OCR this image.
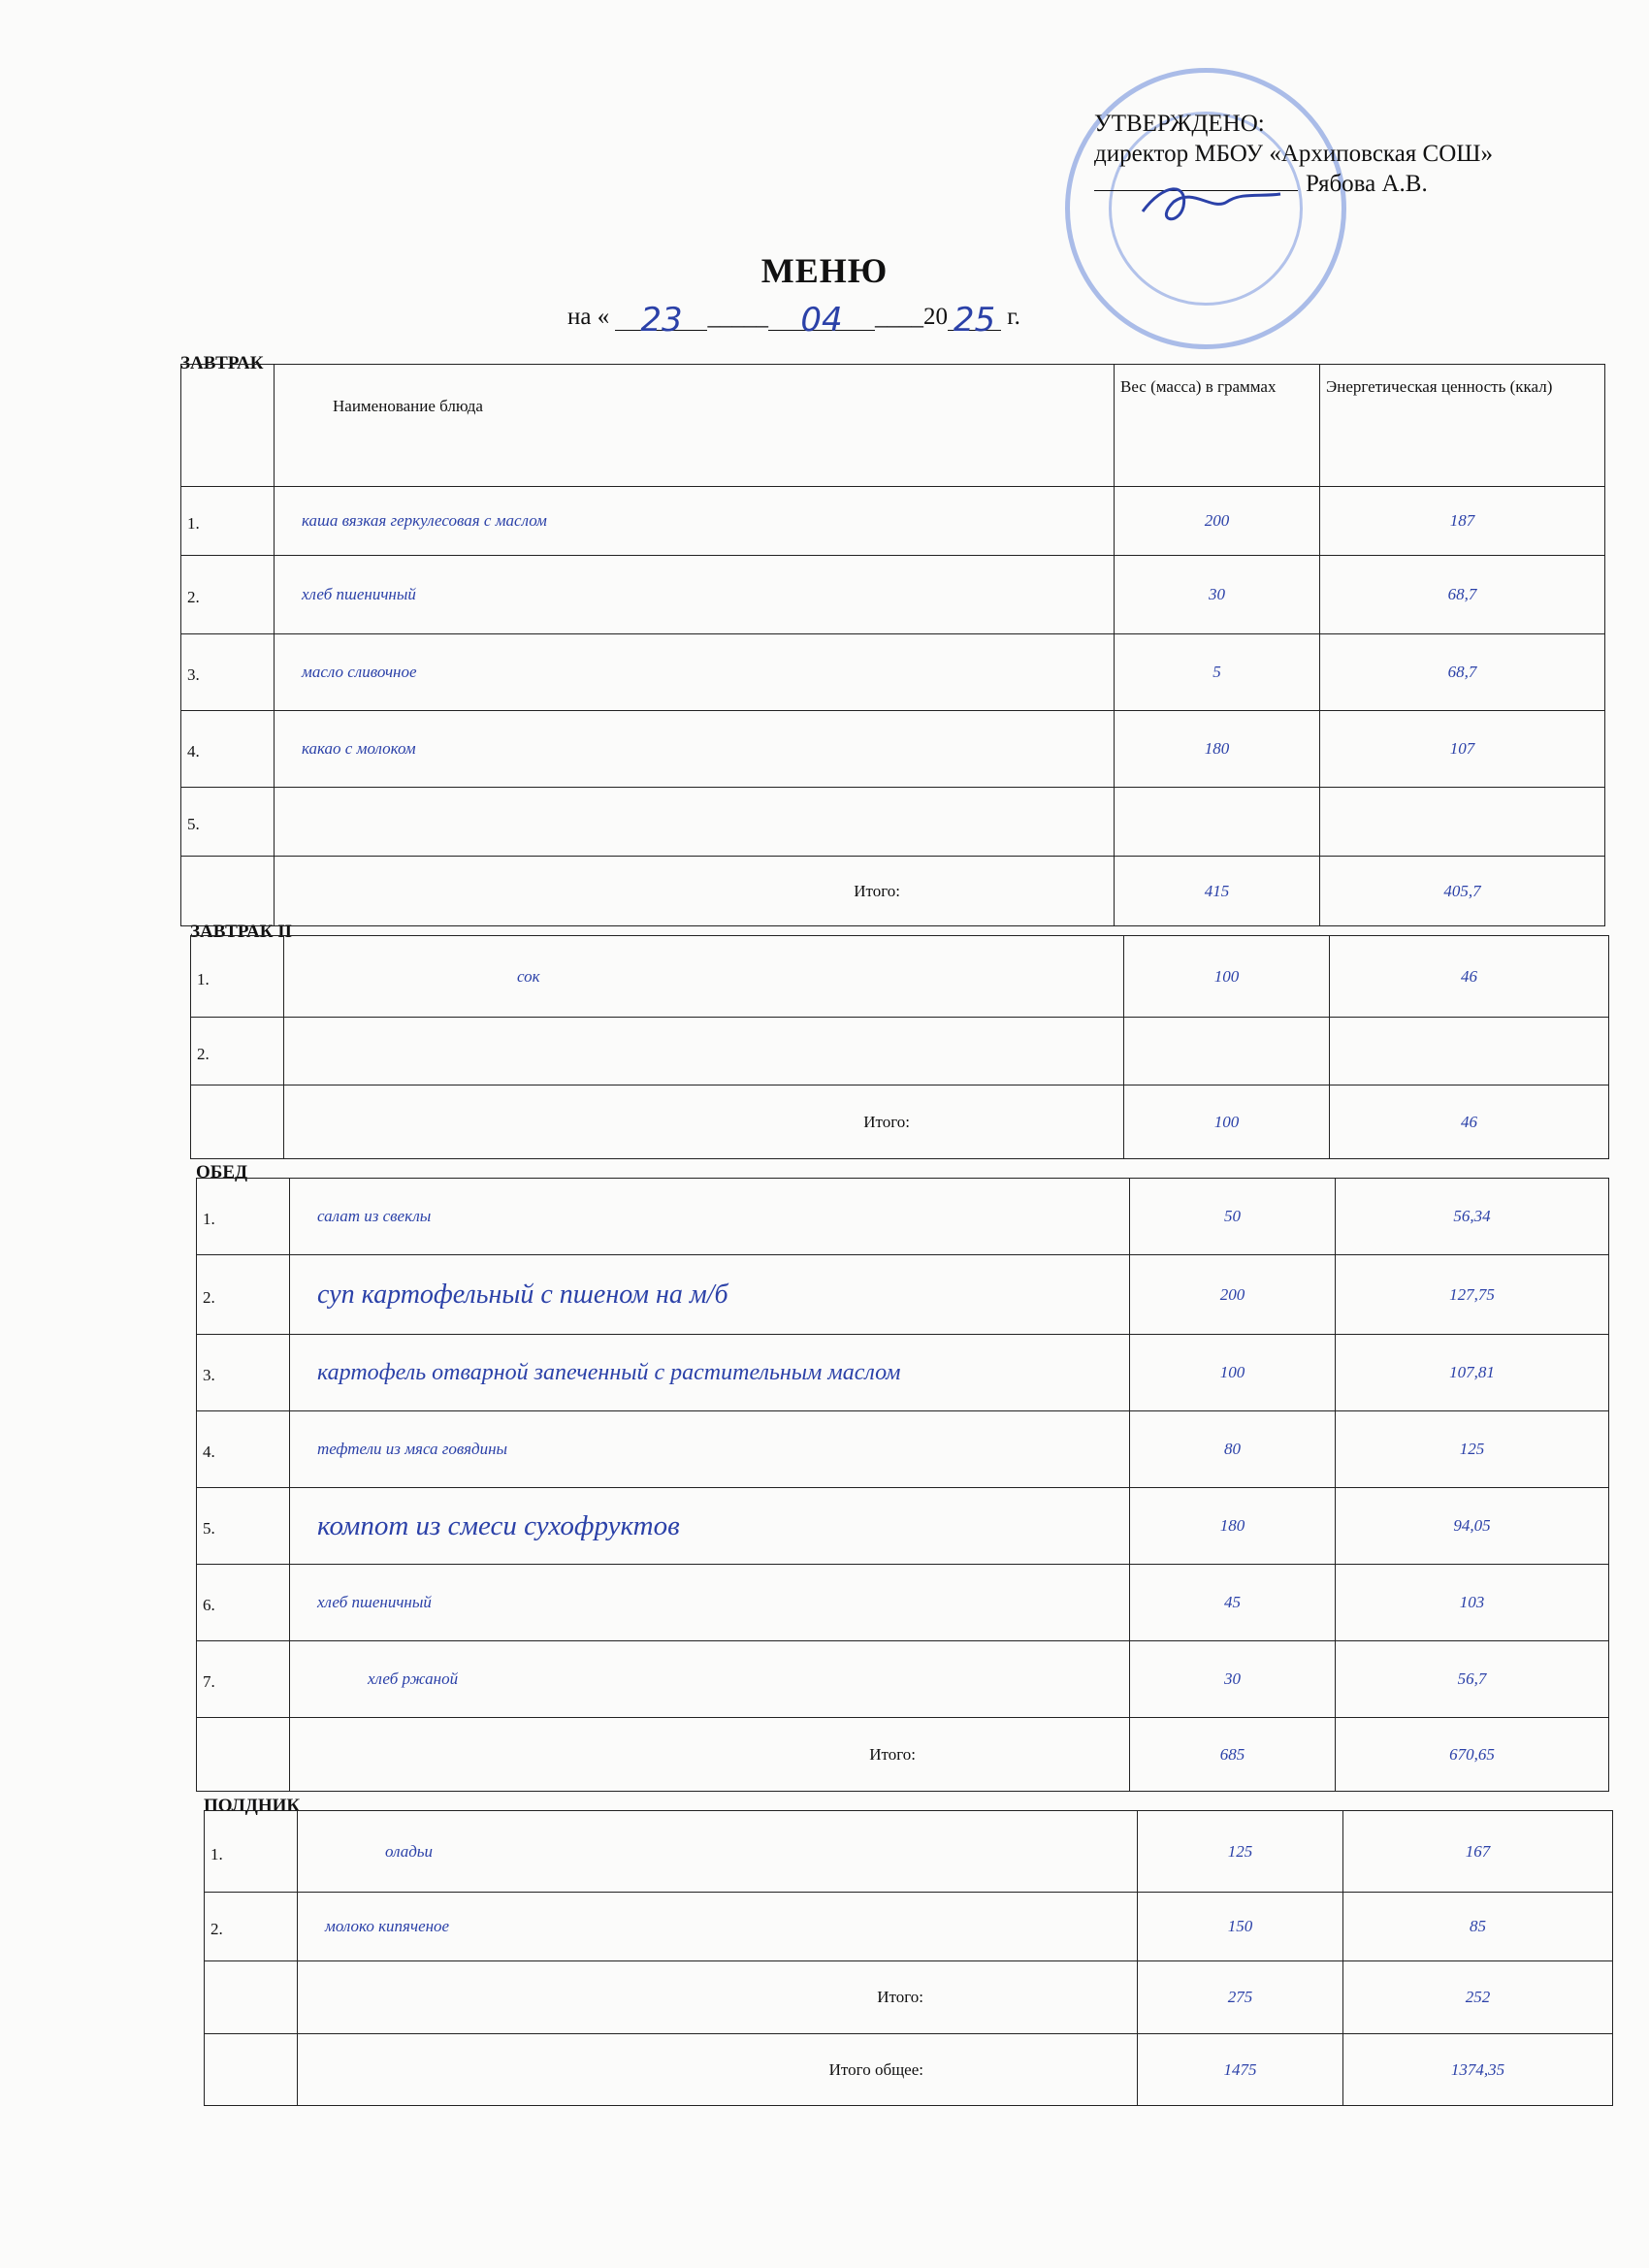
УТВЕРЖДЕНО:
директор МБОУ «Архиповская СОШ»
Рябова А.В.
МЕНЮ
на « 23 _____ 04 ____20 25 г.
ЗАВТРАК
	Наименование блюда	Вес (масса) в граммах	Энергетическая ценность (ккал)
1.	каша вязкая геркулесовая с маслом	200	187
2.	хлеб пшеничный	30	68,7
3.	масло сливочное	5	68,7
4.	какао с молоком	180	107
5.			
	Итого:	415	405,7
ЗАВТРАК II
1.	сок	100	46
2.			
	Итого:	100	46
ОБЕД
1.	салат из свеклы	50	56,34
2.	суп картофельный с пшеном на м/б	200	127,75
3.	картофель отварной запеченный с растительным маслом	100	107,81
4.	тефтели из мяса говядины	80	125
5.	компот из смеси сухофруктов	180	94,05
6.	хлеб пшеничный	45	103
7.	хлеб ржаной	30	56,7
	Итого:	685	670,65
ПОЛДНИК
1.	оладьи	125	167
2.	молоко кипяченое	150	85
	Итого:	275	252
	Итого общее:	1475	1374,35
